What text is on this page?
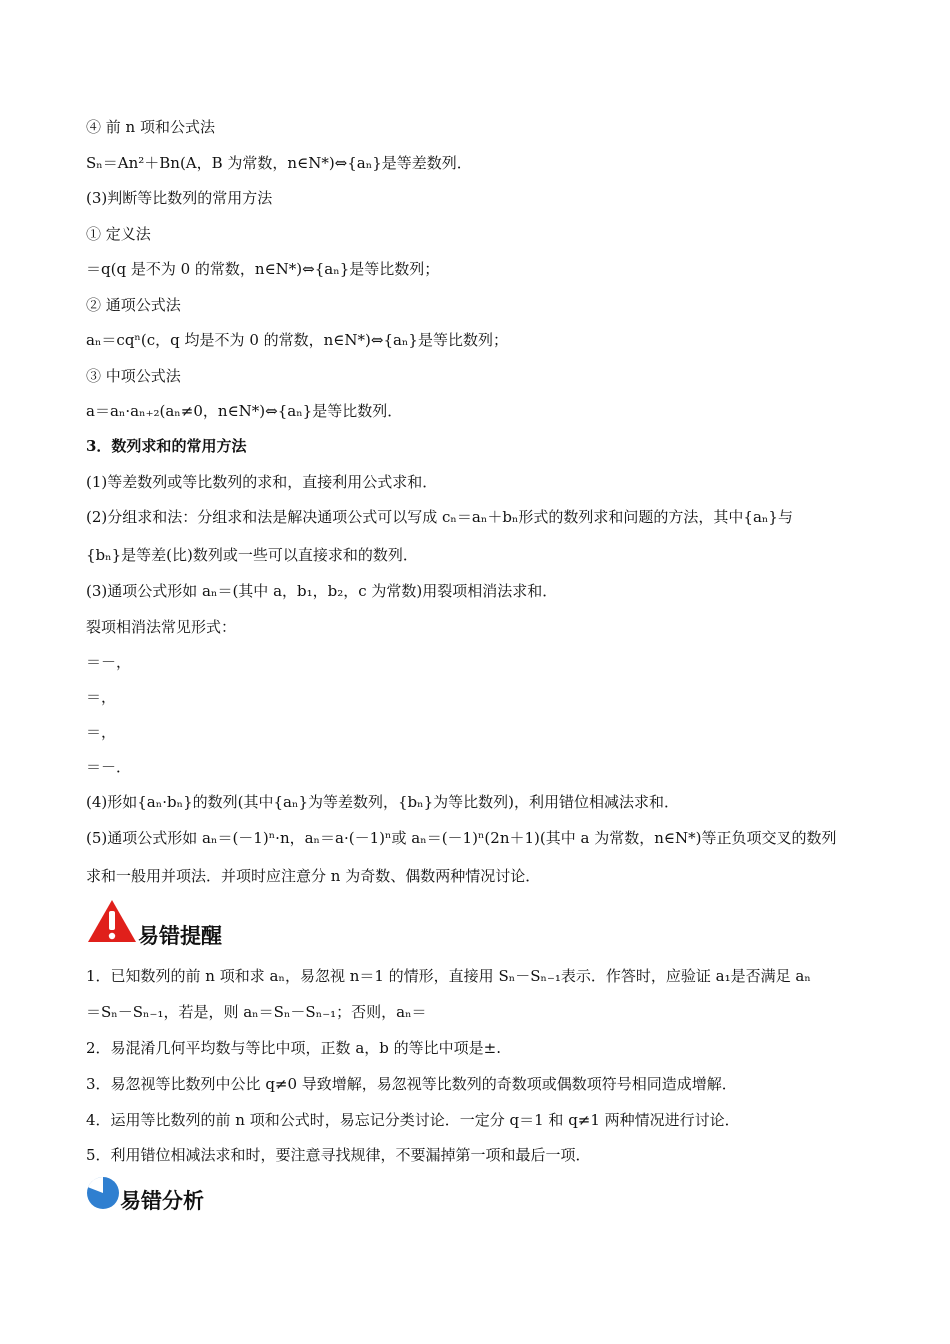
④ 前 n 项和公式法
Sₙ＝An²＋Bn(A，B 为常数，n∈N*)⇔{aₙ}是等差数列．
(3)判断等比数列的常用方法
① 定义法
＝q(q 是不为 0 的常数，n∈N*)⇔{aₙ}是等比数列；
② 通项公式法
aₙ＝cqⁿ(c，q 均是不为 0 的常数，n∈N*)⇔{aₙ}是等比数列；
③ 中项公式法
a＝aₙ·aₙ₊₂(aₙ≠0，n∈N*)⇔{aₙ}是等比数列．
3．数列求和的常用方法
(1)等差数列或等比数列的求和，直接利用公式求和．
(2)分组求和法：分组求和法是解决通项公式可以写成 cₙ＝aₙ＋bₙ形式的数列求和问题的方法，其中{aₙ}与
{bₙ}是等差(比)数列或一些可以直接求和的数列．
(3)通项公式形如 aₙ＝(其中 a，b₁，b₂，c 为常数)用裂项相消法求和．
裂项相消法常见形式：
＝－，
＝，
＝，
＝－．
(4)形如{aₙ·bₙ}的数列(其中{aₙ}为等差数列，{bₙ}为等比数列)，利用错位相减法求和．
(5)通项公式形如 aₙ＝(－1)ⁿ·n，aₙ＝a·(－1)ⁿ或 aₙ＝(－1)ⁿ(2n＋1)(其中 a 为常数，n∈N*)等正负项交叉的数列
求和一般用并项法．并项时应注意分 n 为奇数、偶数两种情况讨论．
易错提醒
1．已知数列的前 n 项和求 aₙ，易忽视 n＝1 的情形，直接用 Sₙ－Sₙ₋₁表示．作答时，应验证 a₁是否满足 aₙ
＝Sₙ－Sₙ₋₁，若是，则 aₙ＝Sₙ－Sₙ₋₁；否则，aₙ＝
2．易混淆几何平均数与等比中项，正数 a，b 的等比中项是±.
3．易忽视等比数列中公比 q≠0 导致增解，易忽视等比数列的奇数项或偶数项符号相同造成增解．
4．运用等比数列的前 n 项和公式时，易忘记分类讨论．一定分 q＝1 和 q≠1 两种情况进行讨论．
5．利用错位相减法求和时，要注意寻找规律，不要漏掉第一项和最后一项．
易错分析
